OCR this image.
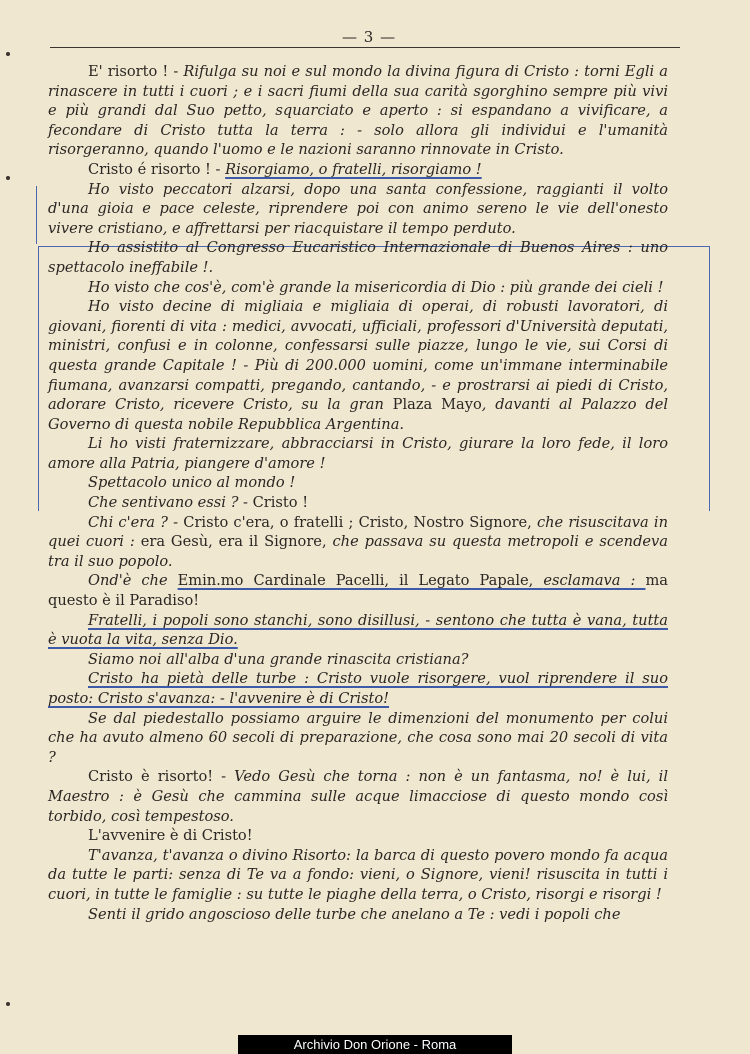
— 3 —

E' risorto ! - Rifulga su noi e sul mondo la divina figura di Cristo : torni Egli a rinascere in tutti i cuori ; e i sacri fiumi della sua carità sgorghino sempre più vivi e più grandi dal Suo petto, squarciato e aperto : si espandano a vivificare, a fecondare di Cristo tutta la terra : - solo allora gli individui e l'umanità risorgeranno, quando l'uomo e le nazioni saranno rinnovate in Cristo.

Cristo é risorto ! - Risorgiamo, o fratelli, risorgiamo !

Ho visto peccatori alzarsi, dopo una santa confessione, raggianti il volto d'una gioia e pace celeste, riprendere poi con animo sereno le vie dell'onesto vivere cristiano, e affrettarsi per riacquistare il tempo perduto.

Ho assistito al Congresso Eucaristico Internazionale di Buenos Aires : uno spettacolo ineffabile !.

Ho visto che cos'è, com'è grande la misericordia di Dio : più grande dei cieli !

Ho visto decine di migliaia e migliaia di operai, di robusti lavoratori, di giovani, fiorenti di vita : medici, avvocati, ufficiali, professori d'Università deputati, ministri, confusi e in colonne, confessarsi sulle piazze, lungo le vie, sui Corsi di questa grande Capitale ! - Più di 200.000 uomini, come un'immane interminabile fiumana, avanzarsi compatti, pregando, cantando, - e prostrarsi ai piedi di Cristo, adorare Cristo, ricevere Cristo, su la gran Plaza Mayo, davanti al Palazzo del Governo di questa nobile Repubblica Argentina.

Li ho visti fraternizzare, abbracciarsi in Cristo, giurare la loro fede, il loro amore alla Patria, piangere d'amore !

Spettacolo unico al mondo !

Che sentivano essi ? - Cristo !

Chi c'era ? - Cristo c'era, o fratelli ; Cristo, Nostro Signore, che risuscitava in quei cuori : era Gesù, era il Signore, che passava su questa metropoli e scendeva tra il suo popolo.

Ond'è che Emin.mo Cardinale Pacelli, il Legato Papale, esclamava : ma questo è il Paradiso!

Fratelli, i popoli sono stanchi, sono disillusi, - sentono che tutta è vana, tutta è vuota la vita, senza Dio.

Siamo noi all'alba d'una grande rinascita cristiana?

Cristo ha pietà delle turbe : Cristo vuole risorgere, vuol riprendere il suo posto: Cristo s'avanza: - l'avvenire è di Cristo!

Se dal piedestallo possiamo arguire le dimenzioni del monumento per colui che ha avuto almeno 60 secoli di preparazione, che cosa sono mai 20 secoli di vita ?

Cristo è risorto! - Vedo Gesù che torna : non è un fantasma, no! è lui, il Maestro : è Gesù che cammina sulle acque limacciose di questo mondo così torbido, così tempestoso.

L'avvenire è di Cristo!

T'avanza, t'avanza o divino Risorto: la barca di questo povero mondo fa acqua da tutte le parti: senza di Te va a fondo: vieni, o Signore, vieni! risuscita in tutti i cuori, in tutte le famiglie : su tutte le piaghe della terra, o Cristo, risorgi e risorgi !

Senti il grido angoscioso delle turbe che anelano a Te : vedi i popoli che

Archivio Don Orione - Roma
